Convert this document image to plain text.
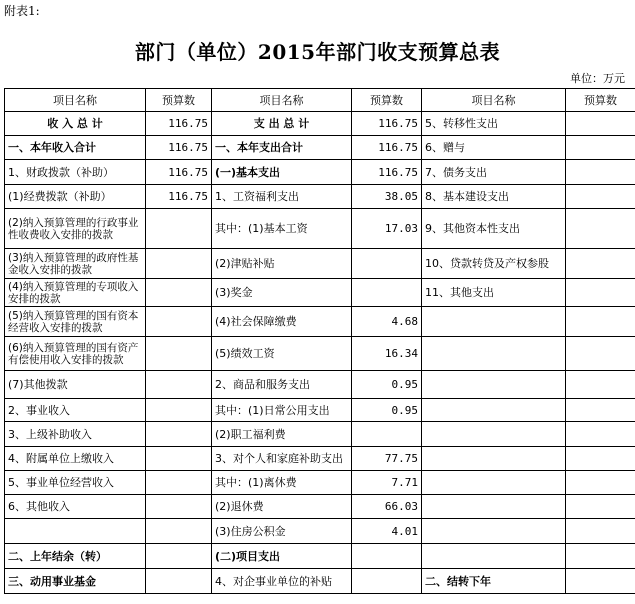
附表1:
部门（单位）2015年部门收支预算总表
单位：万元
项目名称	预算数	项目名称	预算数	项目名称	预算数
收 入 总 计	116.75	支 出 总 计	116.75	5、转移性支出	
一、本年收入合计	116.75	一、本年支出合计	116.75	6、赠与	
1、财政拨款（补助）	116.75	(一)基本支出	116.75	7、债务支出	
(1)经费拨款（补助）	116.75	1、工资福利支出	38.05	8、基本建设支出	
(2)纳入预算管理的行政事业性收费收入安排的拨款		其中：(1)基本工资	17.03	9、其他资本性支出	
(3)纳入预算管理的政府性基金收入安排的拨款		(2)津贴补贴		10、贷款转贷及产权参股	
(4)纳入预算管理的专项收入安排的拨款		(3)奖金		11、其他支出	
(5)纳入预算管理的国有资本经营收入安排的拨款		(4)社会保障缴费	4.68		
(6)纳入预算管理的国有资产有偿使用收入安排的拨款		(5)绩效工资	16.34		
(7)其他拨款		2、商品和服务支出	0.95		
2、事业收入		其中：(1)日常公用支出	0.95		
3、上级补助收入		(2)职工福利费			
4、附属单位上缴收入		3、对个人和家庭补助支出	77.75		
5、事业单位经营收入		其中：(1)离休费	7.71		
6、其他收入		(2)退休费	66.03		
		(3)住房公积金	4.01		
二、上年结余（转）		(二)项目支出			
三、动用事业基金		4、对企事业单位的补贴		二、结转下年	
